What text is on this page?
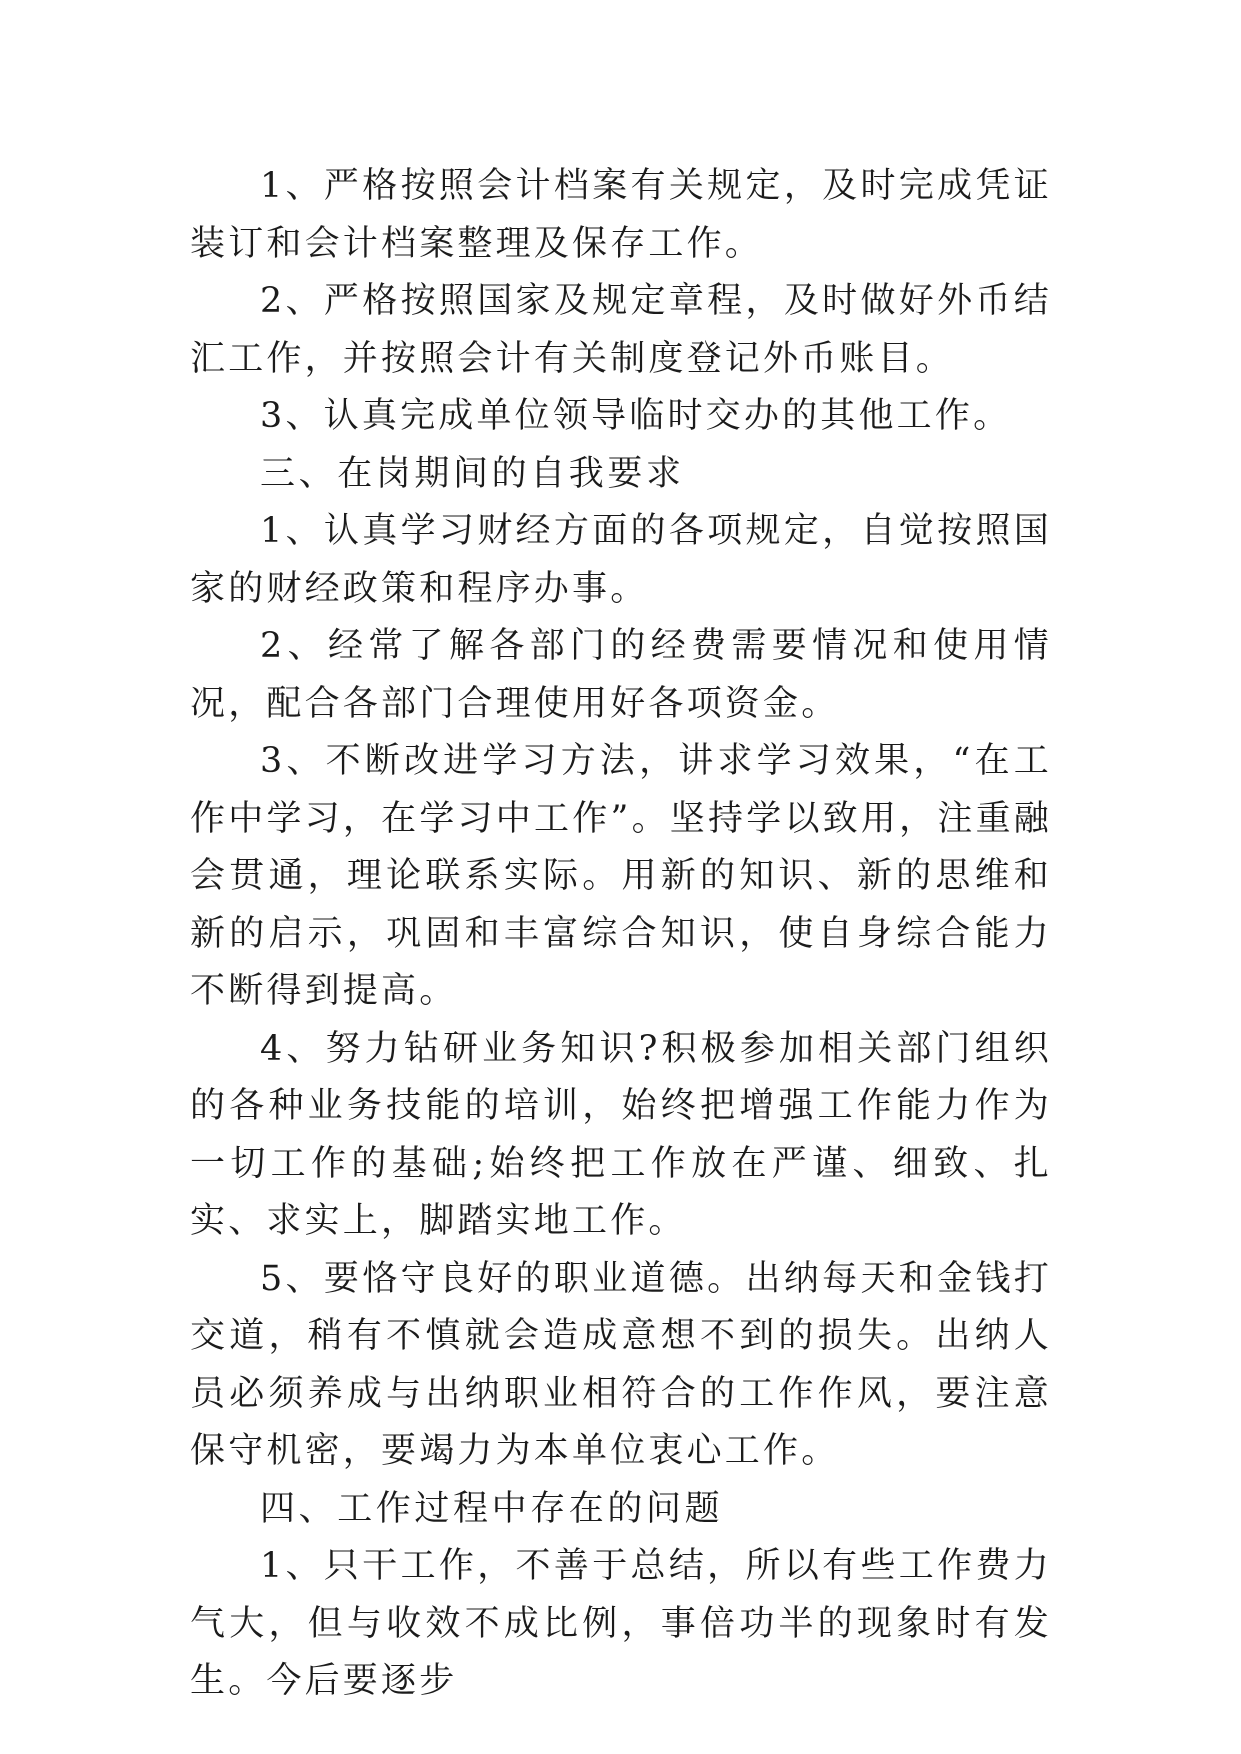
1、严格按照会计档案有关规定，及时完成凭证装订和会计档案整理及保存工作。

2、严格按照国家及规定章程，及时做好外币结汇工作，并按照会计有关制度登记外币账目。

3、认真完成单位领导临时交办的其他工作。

三、在岗期间的自我要求

1、认真学习财经方面的各项规定，自觉按照国家的财经政策和程序办事。

2、经常了解各部门的经费需要情况和使用情况，配合各部门合理使用好各项资金。

3、不断改进学习方法，讲求学习效果，“在工作中学习，在学习中工作”。坚持学以致用，注重融会贯通，理论联系实际。用新的知识、新的思维和新的启示，巩固和丰富综合知识，使自身综合能力不断得到提高。

4、努力钻研业务知识?积极参加相关部门组织的各种业务技能的培训，始终把增强工作能力作为一切工作的基础;始终把工作放在严谨、细致、扎实、求实上，脚踏实地工作。

5、要恪守良好的职业道德。出纳每天和金钱打交道，稍有不慎就会造成意想不到的损失。出纳人员必须养成与出纳职业相符合的工作作风，要注意保守机密，要竭力为本单位衷心工作。

四、工作过程中存在的问题

1、只干工作，不善于总结，所以有些工作费力气大，但与收效不成比例，事倍功半的现象时有发生。今后要逐步
